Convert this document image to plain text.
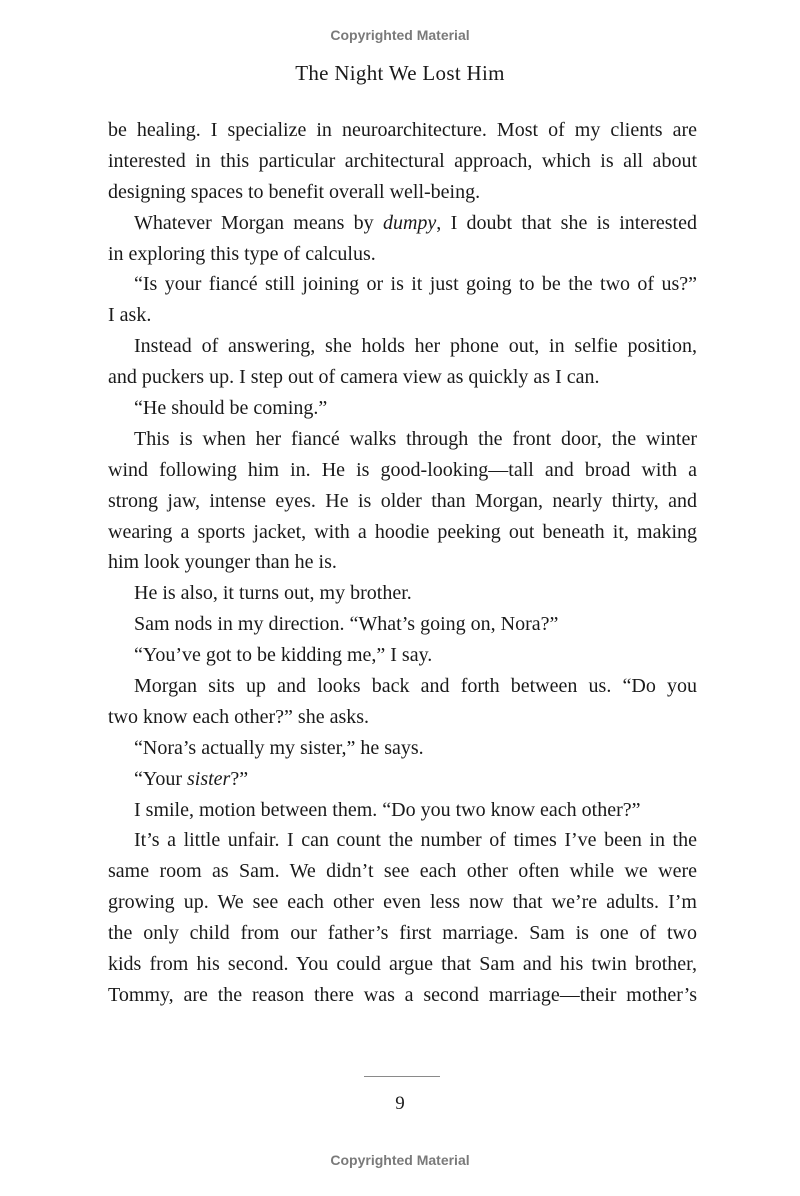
Copyrighted Material
The Night We Lost Him
be healing. I specialize in neuroarchitecture. Most of my clients are
interested in this particular architectural approach, which is all about
designing spaces to benefit overall well-being.
Whatever Morgan means by dumpy, I doubt that she is interested
in exploring this type of calculus.
“Is your fiancé still joining or is it just going to be the two of us?”
I ask.
Instead of answering, she holds her phone out, in selfie position,
and puckers up. I step out of camera view as quickly as I can.
“He should be coming.”
This is when her fiancé walks through the front door, the winter
wind following him in. He is good-looking—tall and broad with a
strong jaw, intense eyes. He is older than Morgan, nearly thirty, and
wearing a sports jacket, with a hoodie peeking out beneath it, making
him look younger than he is.
He is also, it turns out, my brother.
Sam nods in my direction. “What’s going on, Nora?”
“You’ve got to be kidding me,” I say.
Morgan sits up and looks back and forth between us. “Do you
two know each other?” she asks.
“Nora’s actually my sister,” he says.
“Your sister?”
I smile, motion between them. “Do you two know each other?”
It’s a little unfair. I can count the number of times I’ve been in the
same room as Sam. We didn’t see each other often while we were
growing up. We see each other even less now that we’re adults. I’m
the only child from our father’s first marriage. Sam is one of two
kids from his second. You could argue that Sam and his twin brother,
Tommy, are the reason there was a second marriage—their mother’s
9
Copyrighted Material
